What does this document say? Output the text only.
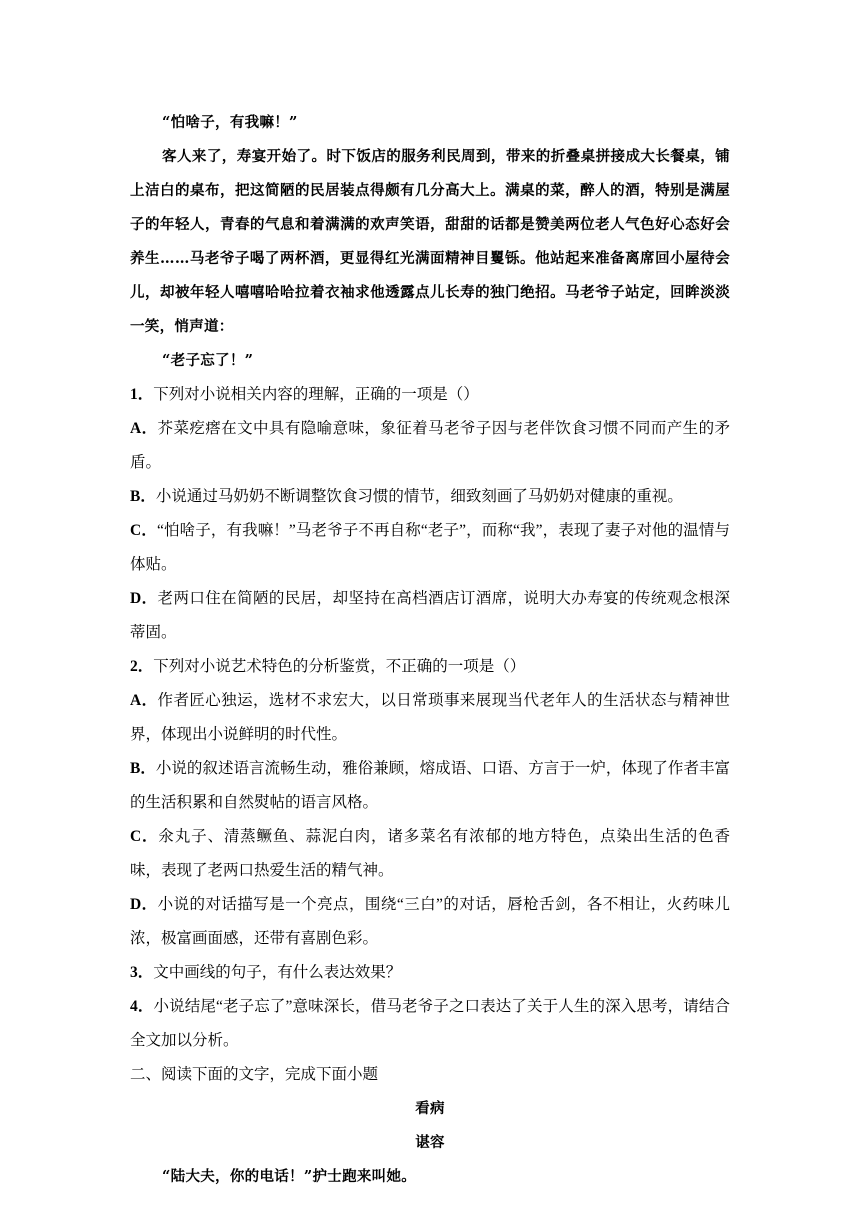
“怕啥子，有我嘛！”

客人来了，寿宴开始了。时下饭店的服务利民周到，带来的折叠桌拼接成大长餐桌，铺上洁白的桌布，把这简陋的民居装点得颇有几分高大上。满桌的菜，醉人的酒，特别是满屋子的年轻人，青春的气息和着满满的欢声笑语，甜甜的话都是赞美两位老人气色好心态好会养生……马老爷子喝了两杯酒，更显得红光满面精神目矍铄。他站起来准备离席回小屋待会儿，却被年轻人嘻嘻哈哈拉着衣袖求他透露点儿长寿的独门绝招。马老爷子站定，回眸淡淡一笑，悄声道：

“老子忘了！”

1．下列对小说相关内容的理解，正确的一项是（）

A．芥菜疙瘩在文中具有隐喻意味，象征着马老爷子因与老伴饮食习惯不同而产生的矛盾。

B．小说通过马奶奶不断调整饮食习惯的情节，细致刻画了马奶奶对健康的重视。

C．“怕啥子，有我嘛！”马老爷子不再自称“老子”，而称“我”，表现了妻子对他的温情与体贴。

D．老两口住在简陋的民居，却坚持在高档酒店订酒席，说明大办寿宴的传统观念根深蒂固。

2．下列对小说艺术特色的分析鉴赏，不正确的一项是（）

A．作者匠心独运，选材不求宏大，以日常琐事来展现当代老年人的生活状态与精神世界，体现出小说鲜明的时代性。

B．小说的叙述语言流畅生动，雅俗兼顾，熔成语、口语、方言于一炉，体现了作者丰富的生活积累和自然熨帖的语言风格。

C．氽丸子、清蒸鳜鱼、蒜泥白肉，诸多菜名有浓郁的地方特色，点染出生活的色香味，表现了老两口热爱生活的精气神。

D．小说的对话描写是一个亮点，围绕“三白”的对话，唇枪舌剑，各不相让，火药味儿浓，极富画面感，还带有喜剧色彩。

3．文中画线的句子，有什么表达效果？

4．小说结尾“老子忘了”意味深长，借马老爷子之口表达了关于人生的深入思考，请结合全文加以分析。

二、阅读下面的文字，完成下面小题

看病

谌容

“陆大夫，你的电话！”护士跑来叫她。
